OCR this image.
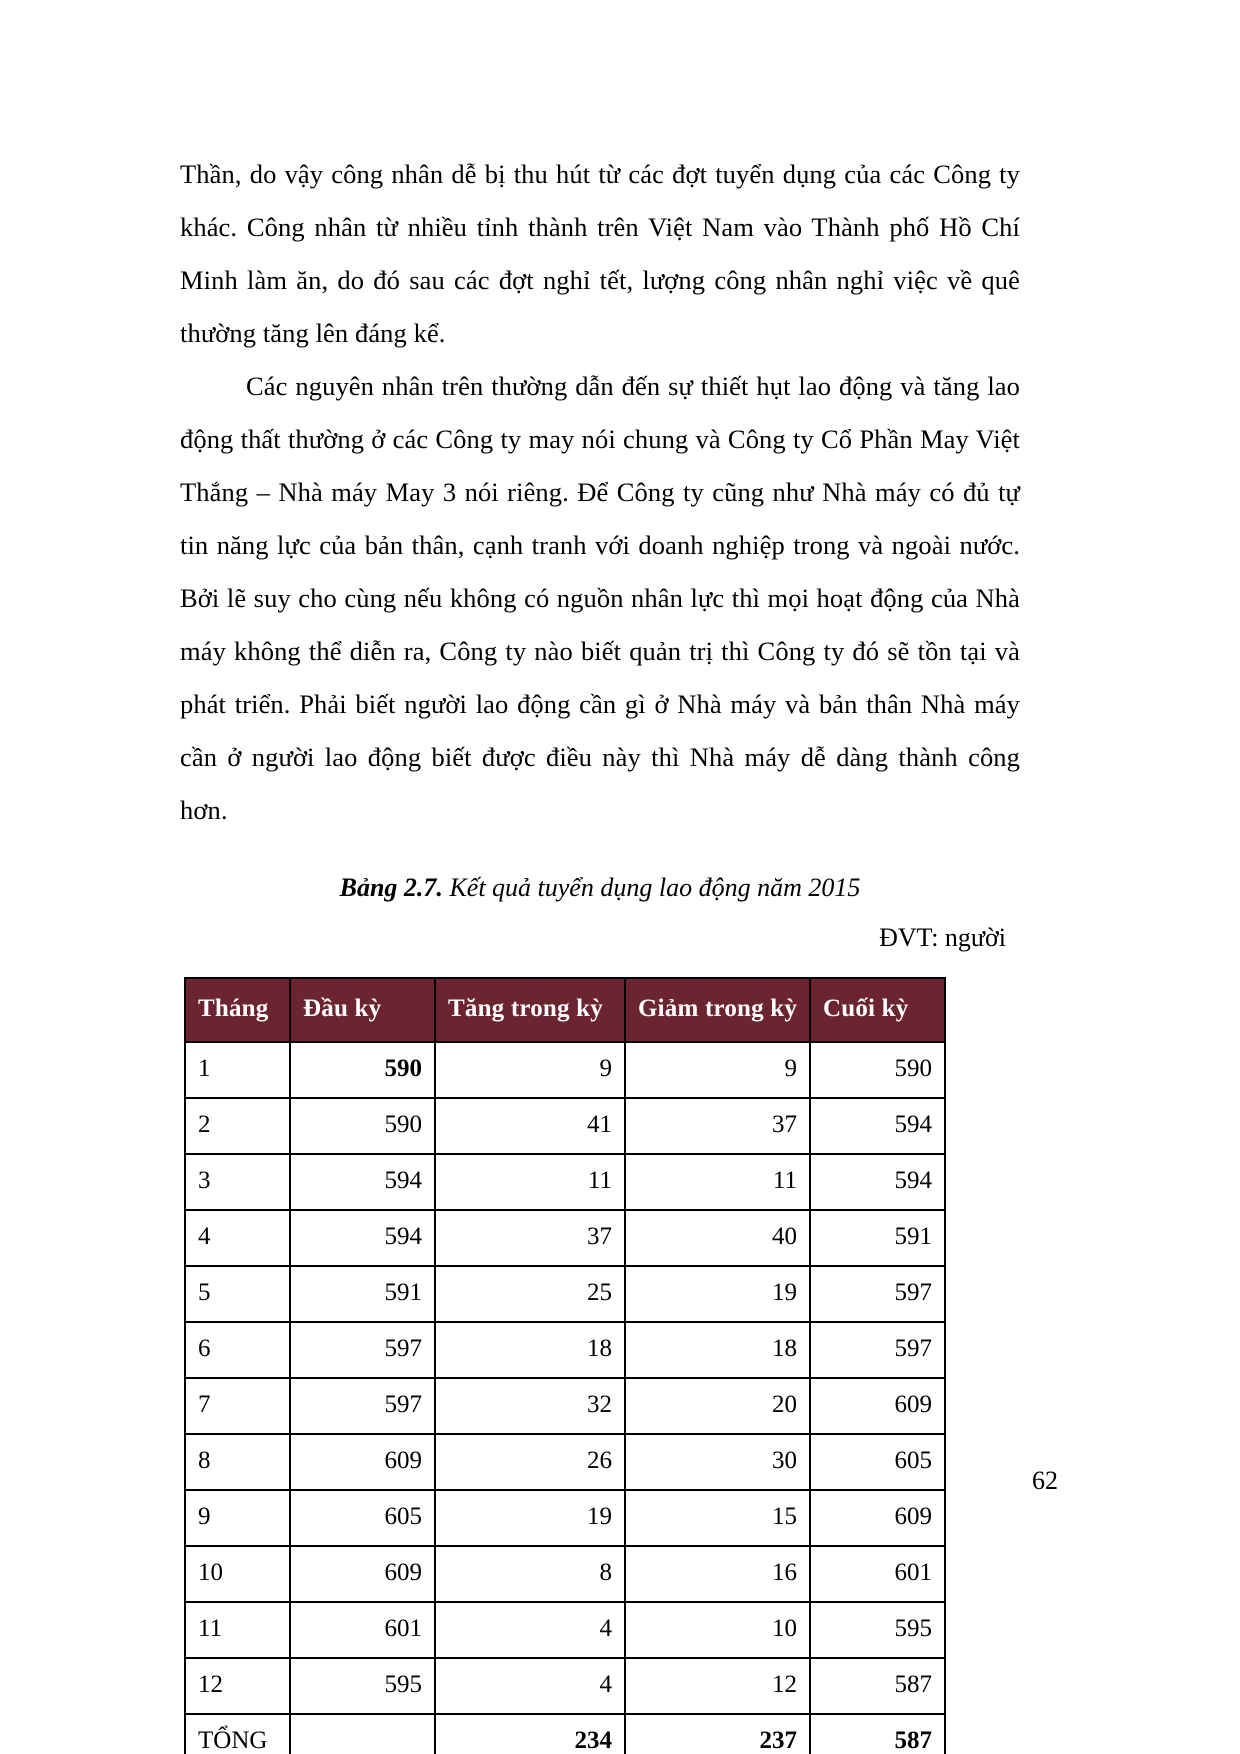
Thần, do vậy công nhân dễ bị thu hút từ các đợt tuyển dụng của các Công ty khác. Công nhân từ nhiều tỉnh thành trên Việt Nam vào Thành phố Hồ Chí Minh làm ăn, do đó sau các đợt nghỉ tết, lượng công nhân nghỉ việc về quê thường tăng lên đáng kể.

Các nguyên nhân trên thường dẫn đến sự thiết hụt lao động và tăng lao động thất thường ở các Công ty may nói chung và Công ty Cổ Phần May Việt Thắng – Nhà máy May 3 nói riêng. Để Công ty cũng như Nhà máy có đủ tự tin năng lực của bản thân, cạnh tranh với doanh nghiệp trong và ngoài nước. Bởi lẽ suy cho cùng nếu không có nguồn nhân lực thì mọi hoạt động của Nhà máy không thể diễn ra, Công ty nào biết quản trị thì Công ty đó sẽ tồn tại và phát triển. Phải biết người lao động cần gì ở Nhà máy và bản thân Nhà máy cần ở người lao động biết được điều này thì Nhà máy dễ dàng thành công hơn.

Bảng 2.7. Kết quả tuyển dụng lao động năm 2015
ĐVT: người
Tháng	Đầu kỳ	Tăng trong kỳ	Giảm trong kỳ	Cuối kỳ
1	590	9	9	590
2	590	41	37	594
3	594	11	11	594
4	594	37	40	591
5	591	25	19	597
6	597	18	18	597
7	597	32	20	609
8	609	26	30	605
9	605	19	15	609
10	609	8	16	601
11	601	4	10	595
12	595	4	12	587
TỔNG		234	237	587
62
